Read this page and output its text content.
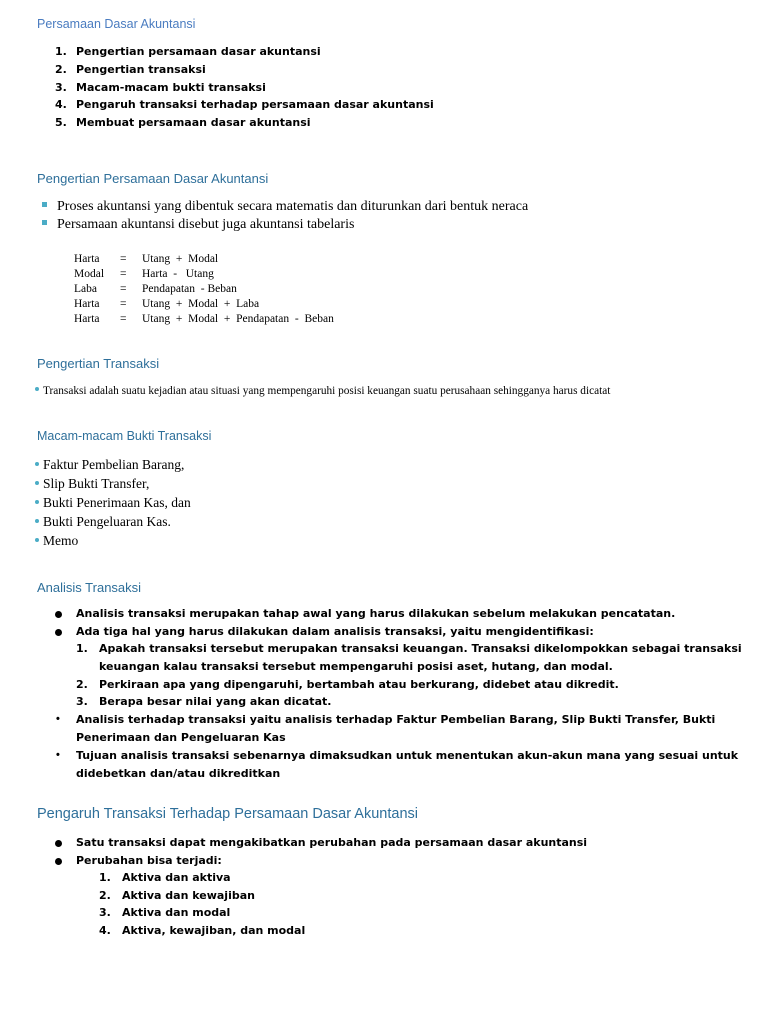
Persamaan Dasar Akuntansi
1. Pengertian persamaan dasar akuntansi
2. Pengertian transaksi
3. Macam-macam bukti transaksi
4. Pengaruh transaksi terhadap persamaan dasar akuntansi
5. Membuat persamaan dasar akuntansi
Pengertian Persamaan Dasar Akuntansi
Proses akuntansi yang dibentuk secara matematis dan diturunkan dari bentuk neraca
Persamaan akuntansi disebut juga akuntansi tabelaris
Harta	=	Utang  +  Modal
Modal	=	Harta  -   Utang
Laba	=	Pendapatan  - Beban
Harta	=	Utang  +  Modal  +  Laba
Harta	=	Utang  +  Modal  +  Pendapatan  -  Beban
Pengertian Transaksi
Transaksi adalah suatu kejadian atau situasi yang mempengaruhi posisi keuangan suatu perusahaan sehingganya harus dicatat
Macam-macam Bukti Transaksi
Faktur Pembelian Barang,
Slip Bukti Transfer,
Bukti Penerimaan Kas, dan
Bukti Pengeluaran Kas.
Memo
Analisis Transaksi
Analisis transaksi merupakan tahap awal yang harus dilakukan sebelum melakukan pencatatan.
Ada tiga hal yang harus dilakukan dalam analisis transaksi, yaitu mengidentifikasi:
1. Apakah transaksi tersebut merupakan transaksi keuangan. Transaksi dikelompokkan sebagai transaksi
keuangan kalau transaksi tersebut mempengaruhi posisi aset, hutang, dan modal.
2. Perkiraan apa yang dipengaruhi, bertambah atau berkurang, didebet atau dikredit.
3. Berapa besar nilai yang akan dicatat.
• Analisis terhadap transaksi yaitu analisis terhadap Faktur Pembelian Barang, Slip Bukti Transfer, Bukti
Penerimaan dan Pengeluaran Kas
• Tujuan analisis transaksi sebenarnya dimaksudkan untuk menentukan akun-akun mana yang sesuai untuk
didebetkan dan/atau dikreditkan
Pengaruh Transaksi Terhadap Persamaan Dasar Akuntansi
Satu transaksi dapat mengakibatkan perubahan pada persamaan dasar akuntansi
Perubahan bisa terjadi:
1. Aktiva dan aktiva
2. Aktiva dan kewajiban
3. Aktiva dan modal
4. Aktiva, kewajiban, dan modal
